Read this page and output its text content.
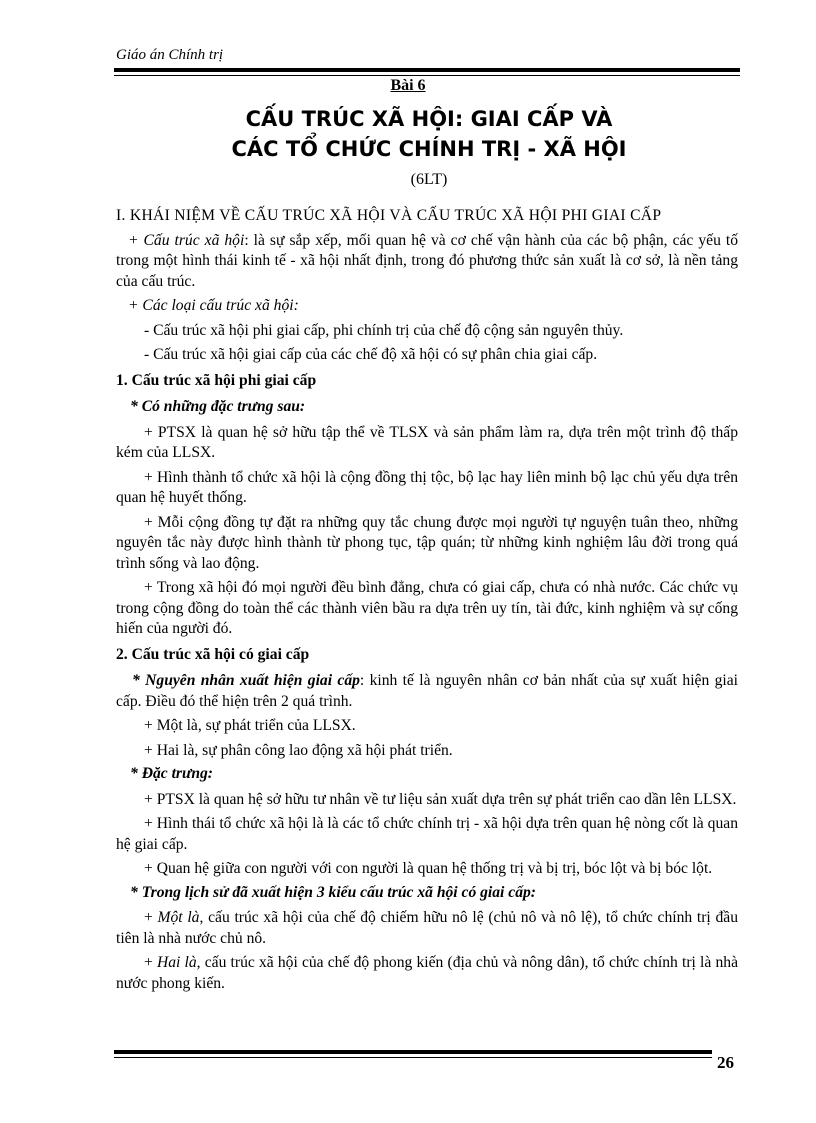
Giáo án Chính trị
Bài 6
CẤU TRÚC XÃ HỘI: GIAI CẤP VÀ
CÁC TỔ CHỨC CHÍNH TRỊ - XÃ HỘI
(6LT)

I. KHÁI NIỆM VỀ CẤU TRÚC XÃ HỘI VÀ CẤU TRÚC XÃ HỘI PHI GIAI CẤP

+ Cấu trúc xã hội: là sự sắp xếp, mối quan hệ và cơ chế vận hành của các bộ phận, các yếu tố trong một hình thái kinh tế - xã hội nhất định, trong đó phương thức sản xuất là cơ sở, là nền tảng của cấu trúc.

+ Các loại cấu trúc xã hội:

- Cấu trúc xã hội phi giai cấp, phi chính trị của chế độ cộng sản nguyên thủy.

- Cấu trúc xã hội giai cấp của các chế độ xã hội có sự phân chia giai cấp.

1. Cấu trúc xã hội phi giai cấp

* Có những đặc trưng sau:

+ PTSX là quan hệ sở hữu tập thể về TLSX và sản phẩm làm ra, dựa trên một trình độ thấp kém của LLSX.

+ Hình thành tổ chức xã hội là cộng đồng thị tộc, bộ lạc hay liên minh bộ lạc chủ yếu dựa trên quan hệ huyết thống.

+ Mỗi cộng đồng tự đặt ra những quy tắc chung được mọi người tự nguyện tuân theo, những nguyên tắc này được hình thành từ phong tục, tập quán; từ những kinh nghiệm lâu đời trong quá trình sống và lao động.

+ Trong xã hội đó mọi người đều bình đẳng, chưa có giai cấp, chưa có nhà nước. Các chức vụ trong cộng đồng do toàn thể các thành viên bầu ra dựa trên uy tín, tài đức, kinh nghiệm và sự cống hiến của người đó.

2. Cấu trúc xã hội có giai cấp

* Nguyên nhân xuất hiện giai cấp: kinh tế là nguyên nhân cơ bản nhất của sự xuất hiện giai cấp. Điều đó thể hiện trên 2 quá trình.

+ Một là, sự phát triển của LLSX.

+ Hai là, sự phân công lao động xã hội phát triển.

* Đặc trưng:

+ PTSX là quan hệ sở hữu tư nhân về tư liệu sản xuất dựa trên sự phát triển cao dần lên LLSX.

+ Hình thái tổ chức xã hội là là các tổ chức chính trị - xã hội dựa trên quan hệ nòng cốt là quan hệ giai cấp.

+ Quan hệ giữa con người với con người là quan hệ thống trị và bị trị, bóc lột và bị bóc lột.

* Trong lịch sử đã xuất hiện 3 kiểu cấu trúc xã hội có giai cấp:

+ Một là, cấu trúc xã hội của chế độ chiếm hữu nô lệ (chủ nô và nô lệ), tổ chức chính trị đầu tiên là nhà nước chủ nô.

+ Hai là, cấu trúc xã hội của chế độ phong kiến (địa chủ và nông dân), tổ chức chính trị là nhà nước phong kiến.

26
